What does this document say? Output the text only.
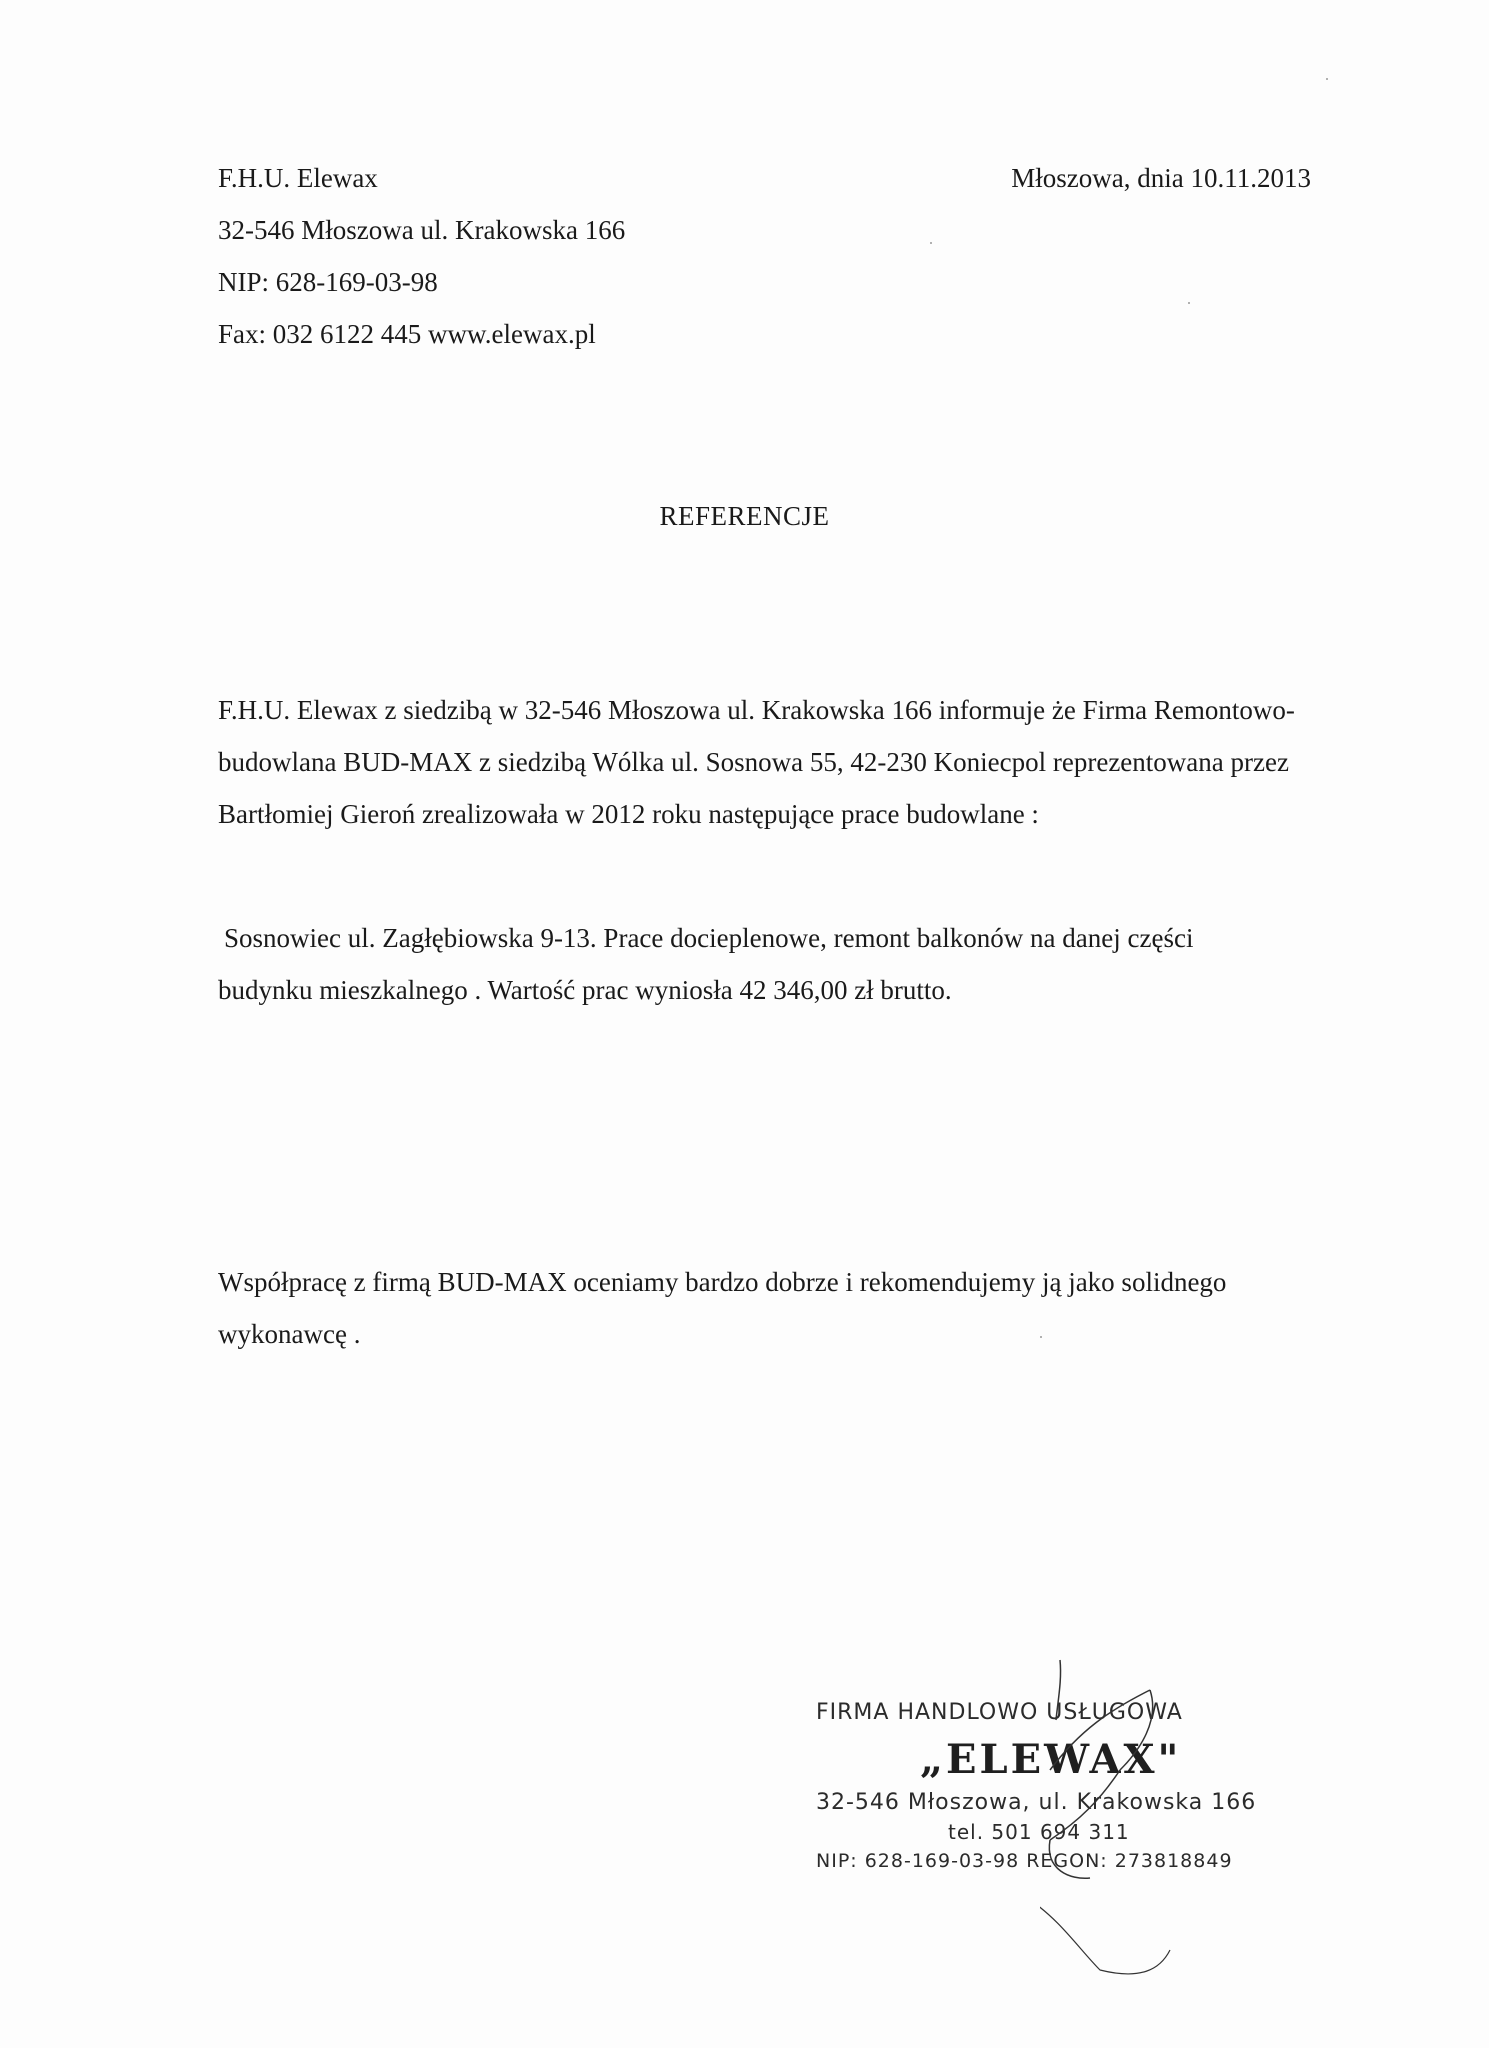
F.H.U. Elewax
32-546 Młoszowa ul. Krakowska 166
NIP: 628-169-03-98
Fax: 032 6122 445 www.elewax.pl
Młoszowa, dnia 10.11.2013
REFERENCJE
F.H.U. Elewax z siedzibą w 32-546 Młoszowa ul. Krakowska 166 informuje że Firma Remontowo-
budowlana BUD-MAX z siedzibą Wólka ul. Sosnowa 55, 42-230 Koniecpol reprezentowana przez
Bartłomiej Gieroń zrealizowała w 2012 roku następujące prace budowlane :
Sosnowiec ul. Zagłębiowska 9-13. Prace docieplenowe, remont balkonów na danej części
budynku mieszkalnego . Wartość prac wyniosła 42 346,00 zł brutto.
Współpracę z firmą BUD-MAX oceniamy bardzo dobrze i rekomendujemy ją jako solidnego
wykonawcę .
FIRMA HANDLOWO USŁUGOWA
„ELEWAX"
32-546 Młoszowa, ul. Krakowska 166
tel. 501 694 311
NIP: 628-169-03-98 REGON: 273818849
